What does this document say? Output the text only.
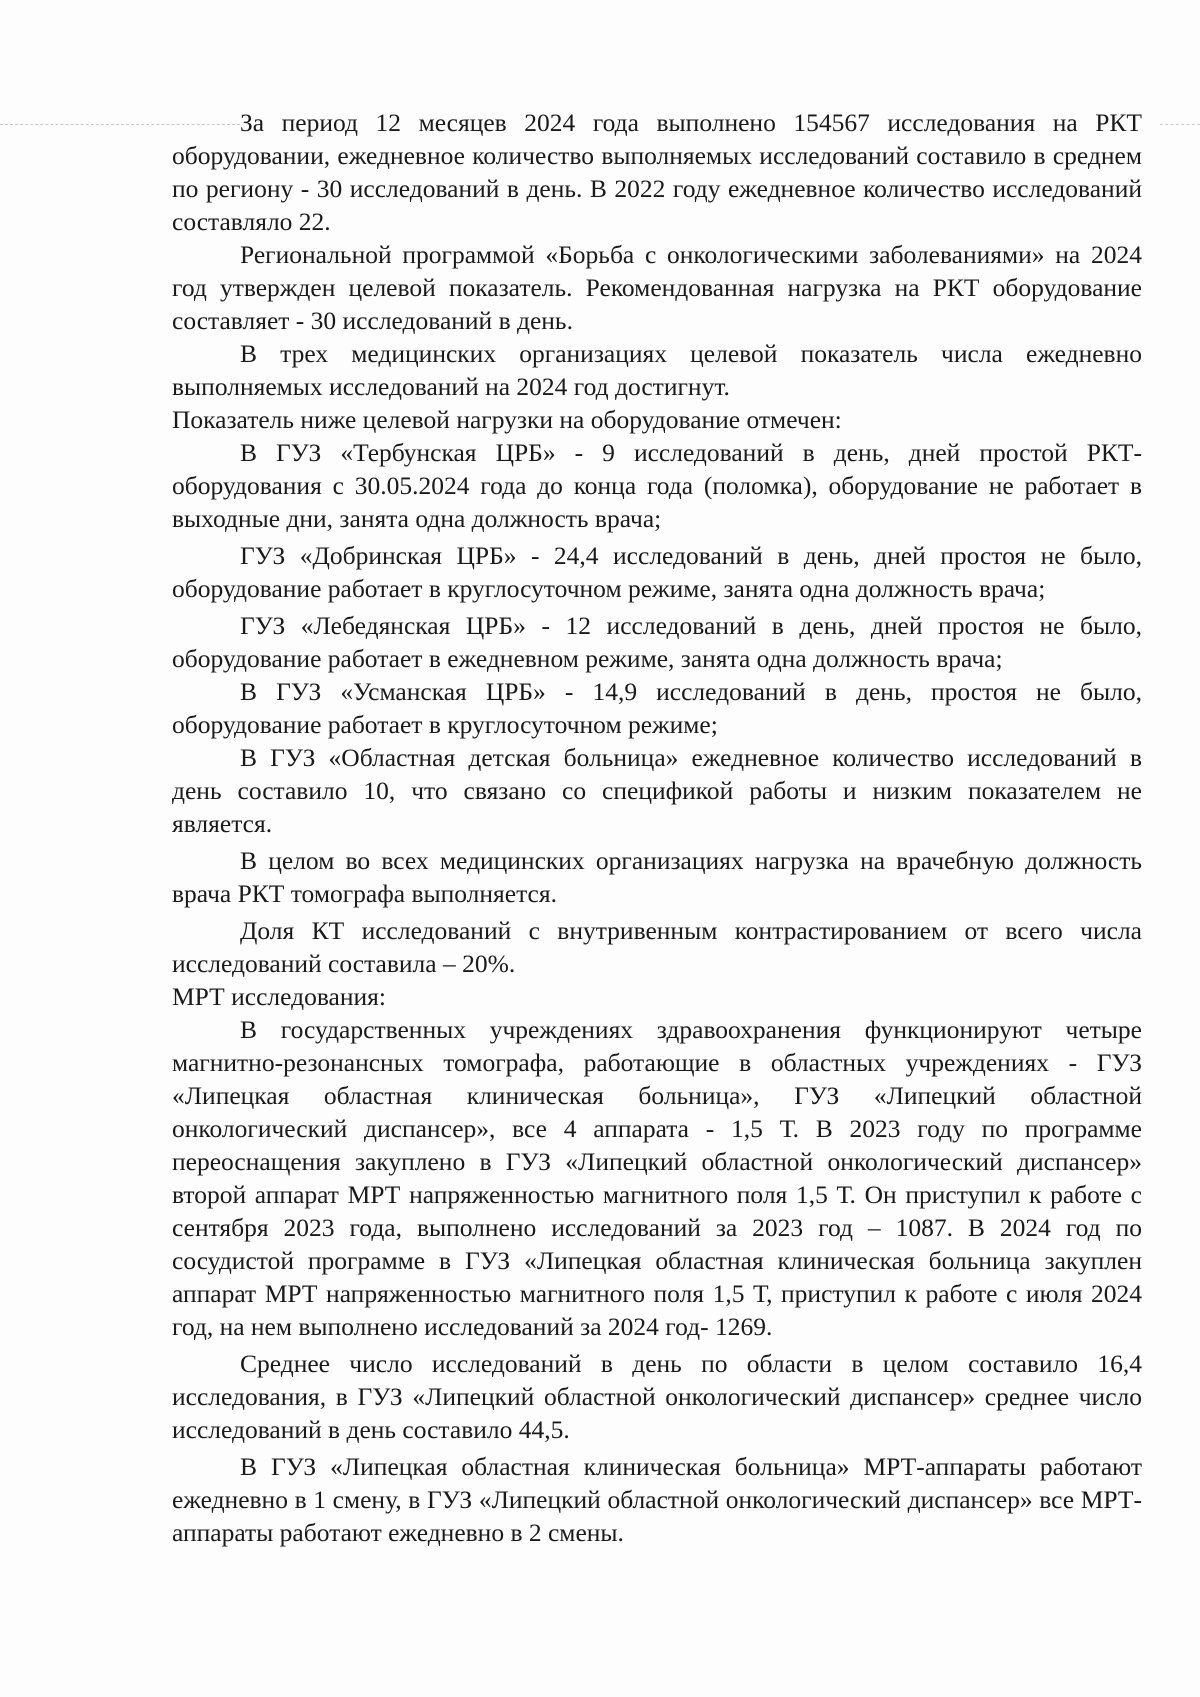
За период 12 месяцев 2024 года выполнено 154567 исследования на РКТ оборудовании, ежедневное количество выполняемых исследований составило в среднем по региону - 30 исследований в день. В 2022 году ежедневное количество исследований составляло 22.

Региональной программой «Борьба с онкологическими заболеваниями» на 2024 год утвержден целевой показатель. Рекомендованная нагрузка на РКТ оборудование составляет - 30 исследований в день.

В трех медицинских организациях целевой показатель числа ежедневно выполняемых исследований на 2024 год достигнут.

Показатель ниже целевой нагрузки на оборудование отмечен:

В ГУЗ «Тербунская ЦРБ» - 9 исследований в день, дней простой РКТ-оборудования с 30.05.2024 года до конца года (поломка), оборудование не работает в выходные дни, занята одна должность врача;

ГУЗ «Добринская ЦРБ» - 24,4 исследований в день, дней простоя не было, оборудование работает в круглосуточном режиме, занята одна должность врача;

ГУЗ «Лебедянская ЦРБ» - 12 исследований в день, дней простоя не было, оборудование работает в ежедневном режиме, занята одна должность врача;

В ГУЗ «Усманская ЦРБ» - 14,9 исследований в день, простоя не было, оборудование работает в круглосуточном режиме;

В ГУЗ «Областная детская больница» ежедневное количество исследований в день составило 10, что связано со спецификой работы и низким показателем не является.

В целом во всех медицинских организациях нагрузка на врачебную должность врача РКТ томографа выполняется.

Доля КТ исследований с внутривенным контрастированием от всего числа исследований составила – 20%.

МРТ исследования:

В государственных учреждениях здравоохранения функционируют четыре магнитно-резонансных томографа, работающие в областных учреждениях - ГУЗ «Липецкая областная клиническая больница», ГУЗ «Липецкий областной онкологический диспансер», все 4 аппарата - 1,5 Т. В 2023 году по программе переоснащения закуплено в ГУЗ «Липецкий областной онкологический диспансер» второй аппарат МРТ напряженностью магнитного поля 1,5 Т. Он приступил к работе с сентября 2023 года, выполнено исследований за 2023 год – 1087. В 2024 год по сосудистой программе в ГУЗ «Липецкая областная клиническая больница закуплен аппарат МРТ напряженностью магнитного поля 1,5 Т, приступил к работе с июля 2024 год, на нем выполнено исследований за 2024 год- 1269.

Среднее число исследований в день по области в целом составило 16,4 исследования, в ГУЗ «Липецкий областной онкологический диспансер» среднее число исследований в день составило 44,5.

В ГУЗ «Липецкая областная клиническая больница» МРТ-аппараты работают ежедневно в 1 смену, в ГУЗ «Липецкий областной онкологический диспансер» все МРТ-аппараты работают ежедневно в 2 смены.
